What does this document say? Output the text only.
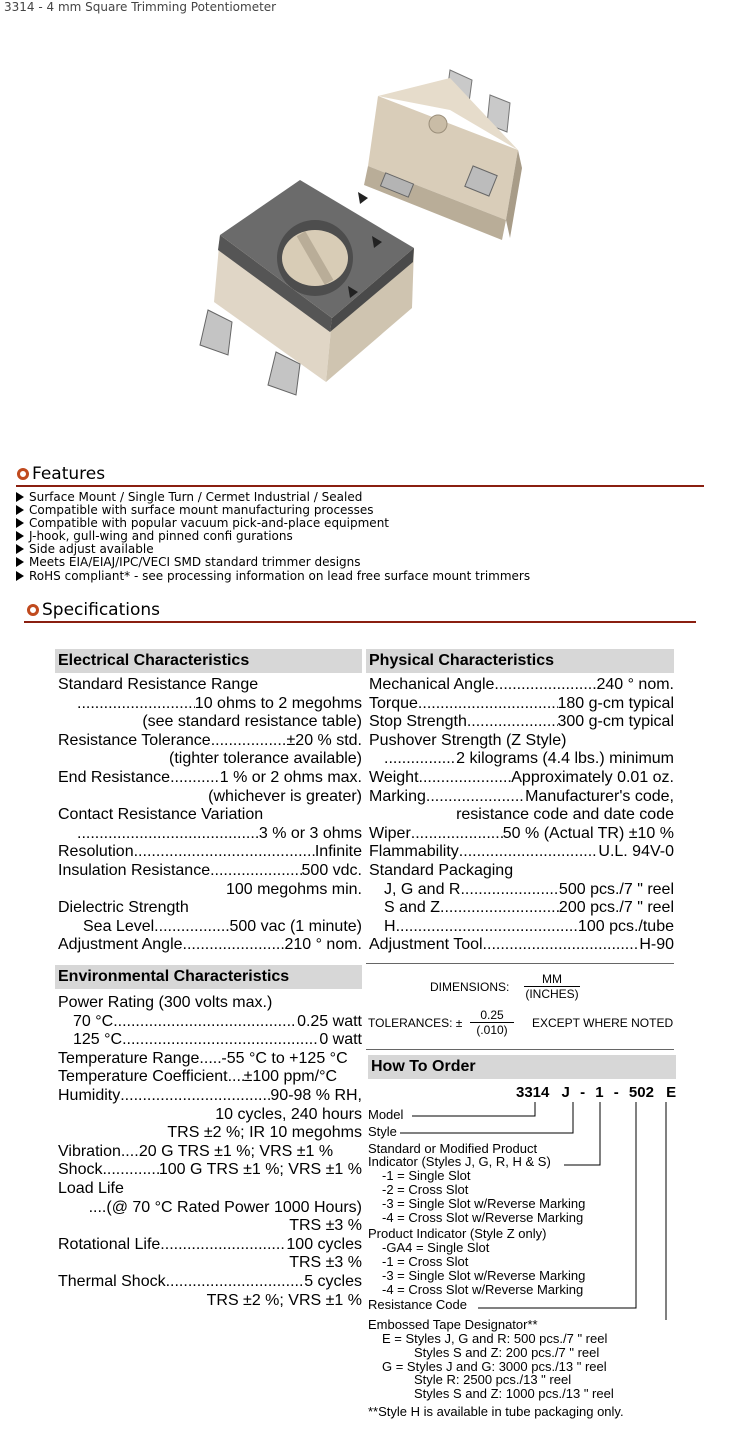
3314 - 4 mm Square Trimming Potentiometer
Features
Surface Mount / Single Turn / Cermet Industrial / Sealed
Compatible with surface mount manufacturing processes
Compatible with popular vacuum pick-and-place equipment
J-hook, gull-wing and pinned confi gurations
Side adjust available
Meets EIA/EIAJ/IPC/VECI SMD standard trimmer designs
RoHS compliant* - see processing information on lead free surface mount trimmers
Specifications
Electrical Characteristics
Standard Resistance Range
.....
10 ohms to 2 megohms
(see standard resistance table)
Resistance Tolerance .....	±20 % std.
(tighter tolerance available)
End Resistance .....	1 % or 2 ohms max.
(whichever is greater)
Contact Resistance Variation
.....
3 % or 3 ohms
Resolution .....	Infinite
Insulation Resistance .....	500 vdc.
100 megohms min.
Dielectric Strength
Sea Level .....	500 vac (1 minute)
Adjustment Angle .....	210 ° nom.
Environmental Characteristics
Power Rating (300 volts max.)
70 °C .....	0.25 watt
125 °C .....	0 watt
Temperature Range ..... -55 °C to +125 °C
Temperature Coefficient ..... ±100 ppm/°C
Humidity .....	90-98 % RH,
10 cycles, 240 hours
TRS ±2 %; IR 10 megohms
Vibration ..... 20 G TRS ±1 %; VRS ±1 %
Shock .....	100 G TRS ±1 %; VRS ±1 %
Load Life
....(@ 70 °C Rated Power 1000 Hours)
TRS ±3 %
Rotational Life .....	100 cycles
TRS ±3 %
Thermal Shock .....	5 cycles
TRS ±2 %; VRS ±1 %
Physical Characteristics
Mechanical Angle .....	240 ° nom.
Torque .....	180 g-cm typical
Stop Strength .....	300 g-cm typical
Pushover Strength (Z Style)
.....
2 kilograms (4.4 lbs.) minimum
Weight .....	Approximately 0.01 oz.
Marking .....	Manufacturer's code,
resistance code and date code
Wiper .....	50 % (Actual TR) ±10 %
Flammability .....	U.L. 94V-0
Standard Packaging
J, G and R .....	500 pcs./7 " reel
S and Z .....	200 pcs./7 " reel
H .....	100 pcs./tube
Adjustment Tool .....	H-90
DIMENSIONS:
MM
(INCHES)
TOLERANCES: ± $\frac{0.25}{(.010)}$ EXCEPT WHERE NOTED
How To Order
3314 J - 1 - 502 E
Model
Style
Standard or Modified Product
Indicator (Styles J, G, R, H & S)
-1 = Single Slot
-2 = Cross Slot
-3 = Single Slot w/Reverse Marking
-4 = Cross Slot w/Reverse Marking
Product Indicator (Style Z only)
-GA4 = Single Slot
-1 = Cross Slot
-3 = Single Slot w/Reverse Marking
-4 = Cross Slot w/Reverse Marking
Resistance Code
Embossed Tape Designator**
E = Styles J, G and R: 500 pcs./7 " reel
Styles S and Z: 200 pcs./7 " reel
G = Styles J and G: 3000 pcs./13 " reel
Style R: 2500 pcs./13 " reel
Styles S and Z: 1000 pcs./13 " reel
**Style H is available in tube packaging only.
